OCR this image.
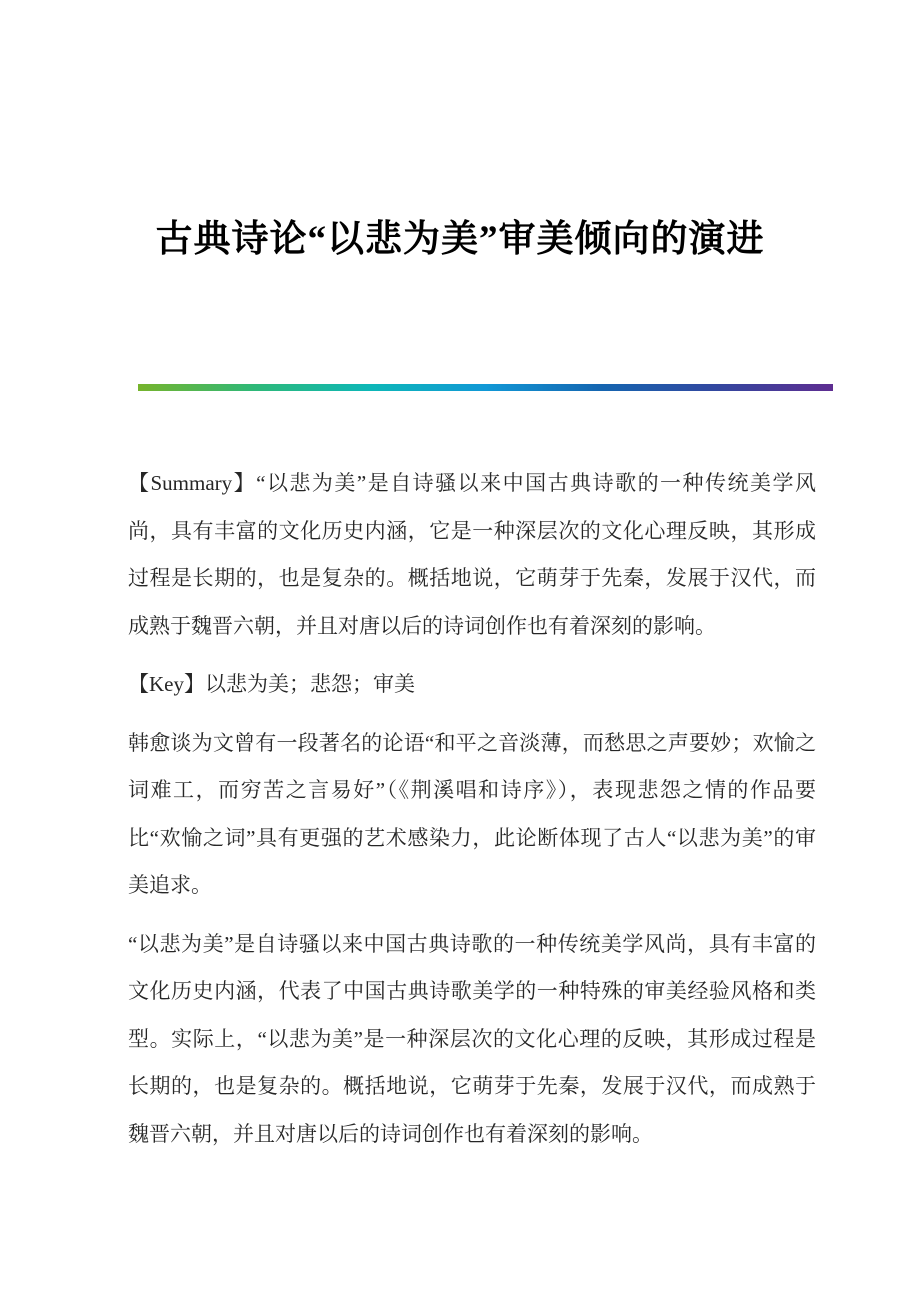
古典诗论“以悲为美”审美倾向的演进

【Summary】“以悲为美”是自诗骚以来中国古典诗歌的一种传统美学风尚，具有丰富的文化历史内涵，它是一种深层次的文化心理反映，其形成过程是长期的，也是复杂的。概括地说，它萌芽于先秦，发展于汉代，而成熟于魏晋六朝，并且对唐以后的诗词创作也有着深刻的影响。

【Key】以悲为美；悲怨；审美

韩愈谈为文曾有一段著名的论语“和平之音淡薄，而愁思之声要妙；欢愉之词难工，而穷苦之言易好”（《荆溪唱和诗序》），表现悲怨之情的作品要比“欢愉之词”具有更强的艺术感染力，此论断体现了古人“以悲为美”的审美追求。

“以悲为美”是自诗骚以来中国古典诗歌的一种传统美学风尚，具有丰富的文化历史内涵，代表了中国古典诗歌美学的一种特殊的审美经验风格和类型。实际上，“以悲为美”是一种深层次的文化心理的反映，其形成过程是长期的，也是复杂的。概括地说，它萌芽于先秦，发展于汉代，而成熟于魏晋六朝，并且对唐以后的诗词创作也有着深刻的影响。
